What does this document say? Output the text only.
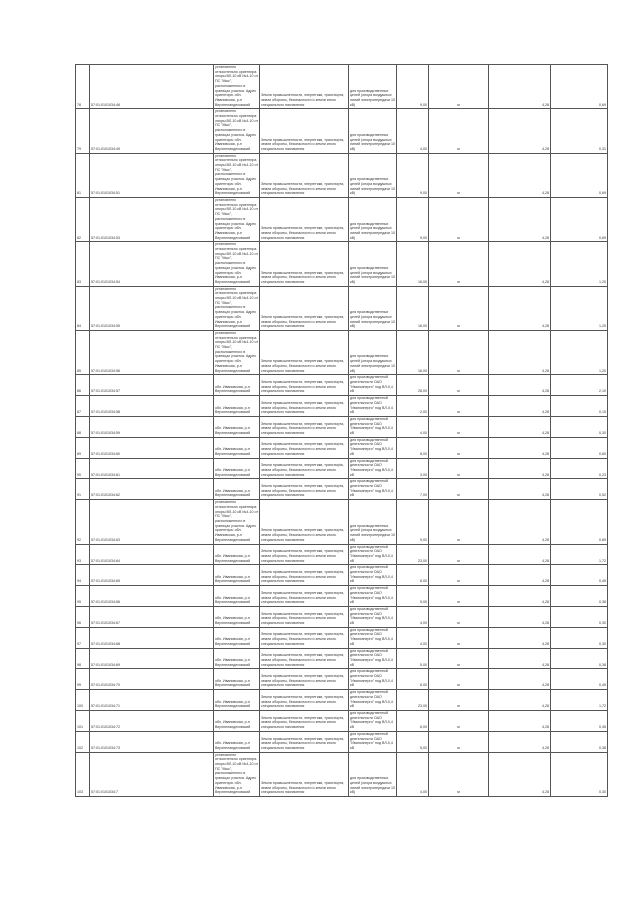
78	57:01:0101034:46	установлено относительно ориентира опоры ВЛ-10 кВ №4-10 от ПС "Мыс", расположенного в границах участка. Адрес ориентира: обл. Ивановская, р-н Верхнеландеховский	Земли промышленности, энергетики, транспорта, земли обороны, безопасности и земли иного специального назначения	для производственных целей (опора воздушных линий электропередачи 10 кВ)	9,00	м	4,28	0,69
79	57:01:0101034:49	установлено относительно ориентира опоры ВЛ-10 кВ №4-10 от ПС "Мыс", расположенного в границах участка. Адрес ориентира: обл. Ивановская, р-н Верхнеландеховский	Земли промышленности, энергетики, транспорта, земли обороны, безопасности и земли иного специального назначения	для производственных целей (опора воздушных линий электропередачи 10 кВ)	4,00	м	4,28	0,31
81	57:01:0101034:51	установлено относительно ориентира опоры ВЛ-10 кВ №4-10 от ПС "Мыс", расположенного в границах участка. Адрес ориентира: обл. Ивановская, р-н Верхнеландеховский	Земли промышленности, энергетики, транспорта, земли обороны, безопасности и земли иного специального назначения	для производственных целей (опора воздушных линий электропередачи 10 кВ)	9,00	м	4,28	0,69
82	57:01:0101034:53	установлено относительно ориентира опоры ВЛ-10 кВ №4-10 от ПС "Мыс", расположенного в границах участка. Адрес ориентира: обл. Ивановская, р-н Верхнеландеховский	Земли промышленности, энергетики, транспорта, земли обороны, безопасности и земли иного специального назначения	для производственных целей (опора воздушных линий электропередачи 10 кВ)	9,00	м	4,28	0,69
83	57:01:0101034:54	установлено относительно ориентира опоры ВЛ-10 кВ №4-10 от ПС "Мыс", расположенного в границах участка. Адрес ориентира: обл. Ивановская, р-н Верхнеландеховский	Земли промышленности, энергетики, транспорта, земли обороны, безопасности и земли иного специального назначения	для производственных целей (опора воздушных линий электропередачи 10 кВ)	16,00	м	4,28	1,20
84	57:01:0101034:55	установлено относительно ориентира опоры ВЛ-10 кВ №4-10 от ПС "Мыс", расположенного в границах участка. Адрес ориентира: обл. Ивановская, р-н Верхнеландеховский	Земли промышленности, энергетики, транспорта, земли обороны, безопасности и земли иного специального назначения	для производственных целей (опора воздушных линий электропередачи 10 кВ)	16,00	м	4,28	1,20
85	57:01:0101034:56	установлено относительно ориентира опоры ВЛ-10 кВ №4-10 от ПС "Мыс", расположенного в границах участка. Адрес ориентира: обл. Ивановская, р-н Верхнеландеховский	Земли промышленности, энергетики, транспорта, земли обороны, безопасности и земли иного специального назначения	для производственных целей (опора воздушных линий электропередачи 10 кВ)	16,00	м	4,28	1,20
86	57:01:0101034:57	обл. Ивановская, р-н Верхнеландеховский	Земли промышленности, энергетики, транспорта, земли обороны, безопасности и земли иного специального назначения	для производственной деятельности ОАО "Иваноэнерго" под ВЛ-0,4 кВ	28,00	м	4,28	2,10
87	57:01:0101034:58	обл. Ивановская, р-н Верхнеландеховский	Земли промышленности, энергетики, транспорта, земли обороны, безопасности и земли иного специального назначения	для производственной деятельности ОАО "Иваноэнерго" под ВЛ-0,4 кВ	2,00	м	4,28	0,15
88	57:01:0101034:59	обл. Ивановская, р-н Верхнеландеховский	Земли промышленности, энергетики, транспорта, земли обороны, безопасности и земли иного специального назначения	для производственной деятельности ОАО "Иваноэнерго" под ВЛ-0,4 кВ	4,00	м	4,28	0,30
89	57:01:0101034:60	обл. Ивановская, р-н Верхнеландеховский	Земли промышленности, энергетики, транспорта, земли обороны, безопасности и земли иного специального назначения	для производственной деятельности ОАО "Иваноэнерго" под ВЛ-0,4 кВ	8,00	м	4,28	0,60
90	57:01:0101034:61	обл. Ивановская, р-н Верхнеландеховский	Земли промышленности, энергетики, транспорta, земли обороны, безопасности и земли иного специального назначения	для производственной деятельности ОАО "Иваноэнерго" под ВЛ-0,4 кВ	3,00	м	4,28	0,23
91	57:01:0101034:62	обл. Ивановская, р-н Верхнеландеховский	Земли промышленности, энергетики, транспорта, земли обороны, безопасности и земли иного специального назначения	для производственной деятельности ОАО "Иваноэнерго" под ВЛ-0,4 кВ	7,00	м	4,28	0,52
92	57:01:0101034:63	установлено относительно ориентира опоры ВЛ-10 кВ №4-10 от ПС "Мыс", расположенного в границах участка. Адрес ориентира: обл. Ивановская, р-н Верхнеландеховский	Земли промышленности, энергетики, транспорта, земли обороны, безопасности и земли иного специального назначения	для производственных целей (опора воздушных линий электропередачи 10 кВ)	9,00	м	4,28	0,69
93	57:01:0101034:64	обл. Ивановская, р-н Верхнеландеховский	Земли промышленности, энергетики, транспорта, земли обороны, безопасности и земли иного специального назначения	для производственной деятельности ОАО "Иваноэнерго" под ВЛ-0,4 кВ	23,00	м	4,28	1,72
94	57:01:0101034:65	обл. Ивановская, р-н Верхнеландеховский	Земли промышленности, энергетики, транспорта, земли обороны, безопасности и земли иного специального назначения	для производственной деятельности ОАО "Иваноэнерго" под ВЛ-0,4 кВ	6,00	м	4,28	0,45
95	57:01:0101034:66	обл. Ивановская, р-н Верхнеландеховский	Земли промышленности, энергетики, транспорта, земли обороны, безопасности и земли иного специального назначения	для производственной деятельности ОАО "Иваноэнерго" под ВЛ-0,4 кВ	5,00	м	4,28	0,38
96	57:01:0101034:67	обл. Ивановская, р-н Верхнеландеховский	Земли промышленности, энергетики, транспорта, земли обороны, безопасности и земли иного специального назначения	для производственной деятельности ОАО "Иваноэнерго" под ВЛ-0,4 кВ	4,00	м	4,28	0,30
97	57:01:0101034:68	обл. Ивановская, р-н Верхнеландеховский	Земли промышленности, энергетики, транспорта, земли обороны, безопасности и земли иного специального назначения	для производственной деятельности ОАО "Иваноэнерго" под ВЛ-0,4 кВ	4,00	м	4,28	0,30
98	57:01:0101034:69	обл. Ивановская, р-н Верхнеландеховский	Земли промышленности, энергетики, транспорта, земли обороны, безопасности и земли иного специального назначения	для производственной деятельности ОАО "Иваноэнерго" под ВЛ-0,4 кВ	5,00	м	4,28	0,38
99	57:01:0101034:70	обл. Ивановская, р-н Верхнеландеховский	Земли промышленности, энергетики, транспорта, земли обороны, безопасности и земли иного специального назначения	для производственной деятельности ОАО "Иваноэнерго" под ВЛ-0,4 кВ	6,00	м	4,28	0,45
100	57:01:0101034:71	обл. Ивановская, р-н Верхнеландеховский	Земли промышленности, энергетики, транспорта, земли обороны, безопасности и земли иного специального назначения	для производственной деятельности ОАО "Иваноэнерго" под ВЛ-0,4 кВ	23,00	м	4,28	1,72
101	57:01:0101034:72	обл. Ивановская, р-н Верхнеландеховский	Земли промышленности, энергетики, транспорта, земли обороны, безопасности и земли иного специального назначения	для производственной деятельности ОАО "Иваноэнерго" под ВЛ-0,4 кВ	6,00	м	4,28	0,45
102	57:01:0101034:73	обл. Ивановская, р-н Верхнеландеховский	Земли промышленности, энергетики, транспорта, земли обороны, безопасности и земли иного специального назначения	для производственной деятельности ОАО "Иваноэнерго" под ВЛ-0,4 кВ	5,00	м	4,28	0,38
103	57:01:0101034:7	установлено относительно ориентира опоры ВЛ-10 кВ №4-10 от ПС "Мыс", расположенного в границах участка. Адрес ориентира: обл. Ивановская, р-н Верхнеландеховский	Земли промышленности, энергетики, транспорта, земли обороны, безопасности и земли иного специального назначения	для производственных целей (опора воздушных линий электропередачи 10 кВ)	4,00	м	4,28	0,30
